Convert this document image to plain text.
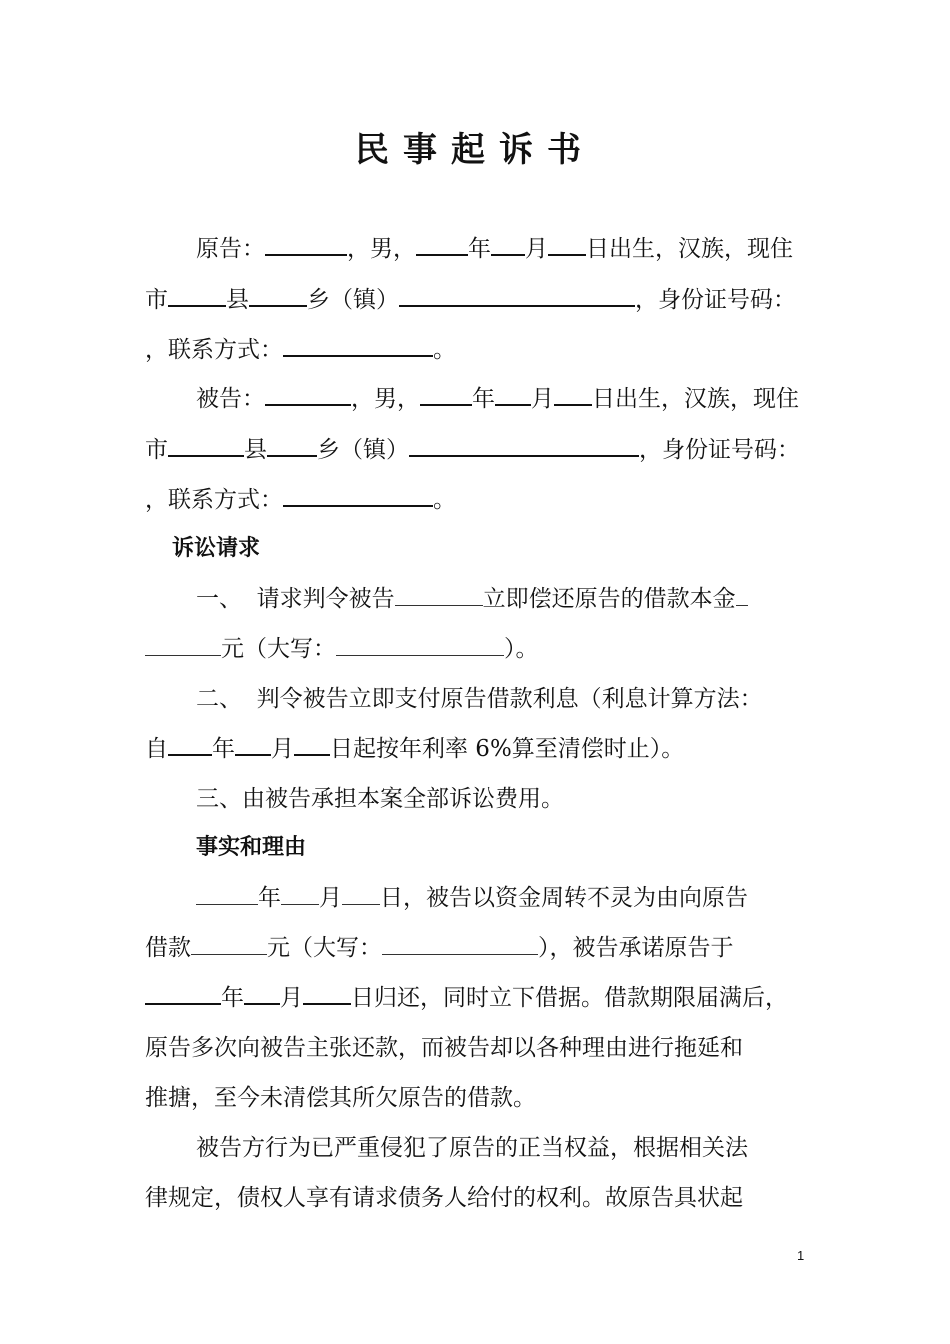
民事起诉书
原告：	，男， 年 月 日出生，汉族，现住
市	县	乡（镇）	，身份证号码：
，联系方式：	。
被告：	，男， 年 月 日出生，汉族，现住
市	县 乡（镇）	，身份证号码：
，联系方式：	。
诉讼请求
一、  请求判令被告	立即偿还原告的借款本金
元（大写：	）。
二、  判令被告立即支付原告借款利息（利息计算方法：
自 年 月 日起按年利率 6%算至清偿时止）。
三、由被告承担本案全部诉讼费用。
事实和理由
年 月 日，被告以资金周转不灵为由向原告
借款	元（大写：	），被告承诺原告于
年 月 日归还，同时立下借据。借款期限届满后，
原告多次向被告主张还款，而被告却以各种理由进行拖延和
推搪，至今未清偿其所欠原告的借款。
被告方行为已严重侵犯了原告的正当权益，根据相关法
律规定，债权人享有请求债务人给付的权利。故原告具状起
1
